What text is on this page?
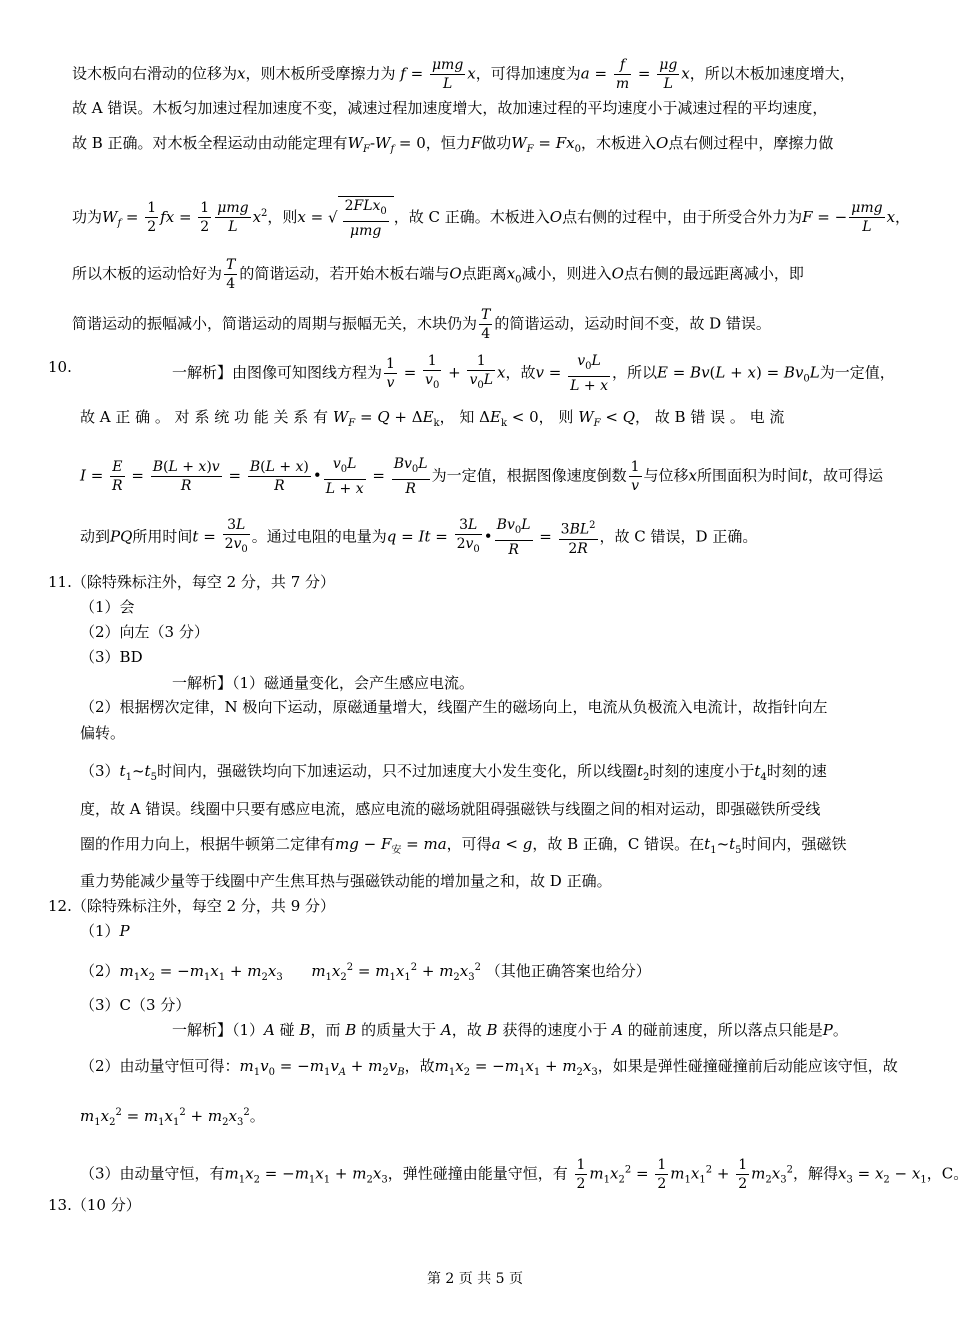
设木板向右滑动的位移为x，则木板所受摩擦力为 $f = \frac{\text{μmg}}{L}$ x，可得加速度为$a = \frac{f}{m} = \frac{\mu g}{L}$ x，所以木板加速度增大，
故 A 错误。木板匀加速过程加速度不变，减速过程加速度增大，故加速过程的平均速度小于减速过程的平均速度，
故 B 正确。对木板全程运动由动能定理有$W_F-W_f = 0$，恒力F做功$W_F = Fx_0$，木板进入O点右侧过程中，摩擦力做
功为$W_f = \frac{1}{2}$ fx = $\frac{1}{2} \frac{\text{μmg}}{L} x^2$，则x = √ $\frac{2FLx_0}{\text{μmg}}$ ，故 C 正确。木板进入O点右侧的过程中，由于所受合外力为F = − $\frac{\text{μmg}}{L}$ x，
所以木板的运动恰好为 $\frac{T}{4}$ 的简谐运动，若开始木板右端与O点距离$x_0$减小，则进入O点右侧的最远距离减小，即
简谐运动的振幅减小，简谐运动的周期与振幅无关，木块仍为 $\frac{T}{4}$ 的简谐运动，运动时间不变，故 D 错误。
10.	一解析】由图像可知图线方程为 $\frac{1}{v} = \frac{1}{v_0} + \frac{1}{v_0L}$ x，故$v = \frac{v_0L}{L + x}$ ，所以$E = Bv(L + x) = Bv_0L$为一定值，
故 A 正 确 。 对 系 统 功 能 关 系 有 $W_F = Q + \Delta E_k$， 知 $\Delta E_k < 0$， 则 $W_F < Q$， 故 B 错 误 。 电 流
$I = \frac{E}{R} = \frac{B(L + x)v}{R} = \frac{B(L + x)}{R}$ • $\frac{v_0L}{L + x} = \frac{Bv_0L}{R}$ 为一定值，根据图像速度倒数 $\frac{1}{v}$ 与位移x所围面积为时间t，故可得运
动到PQ所用时间$t = \frac{3L}{2v_0}$ 。通过电阻的电量为$q = It = \frac{3L}{2v_0}$ • $\frac{Bv_0L}{R} = \frac{3BL^2}{2R}$ ，故 C 错误，D 正确。
11.（除特殊标注外，每空 2 分，共 7 分）
（1）会
（2）向左（3 分）
（3）BD
一解析】（1）磁通量变化，会产生感应电流。
（2）根据楞次定律，N 极向下运动，原磁通量增大，线圈产生的磁场向上，电流从负极流入电流计，故指针向左
偏转。
$(3)t_1\sim t_5$时间内，强磁铁均向下加速运动，只不过加速度大小发生变化，所以线圈$t_2$时刻的速度小于$t_4$时刻的速
度，故 A 错误。线圈中只要有感应电流，感应电流的磁场就阻碍强磁铁与线圈之间的相对运动，即强磁铁所受线
圈的作用力向上，根据牛顿第二定律有mg − $F_安$ = ma，可得a < g，故 B 正确，C 错误。在$t_1\sim t_5$时间内，强磁铁
重力势能减少量等于线圈中产生焦耳热与强磁铁动能的增加量之和，故 D 正确。
12.（除特殊标注外，每空 2 分，共 9 分）
（1）P
$(2)m_1x_2 = -m_1x_1 + m_2x_3$ $m_1x_2^2 = m_1x_1^2 + m_2x_3^2$ （其他正确答案也给分）
（3）C（3 分）
一解析】（1）A 碰 B，而 B 的质量大于 A，故 B 获得的速度小于 A 的碰前速度，所以落点只能是P。
（2）由动量守恒可得：$m_1v_0 = -m_1v_A + m_2v_B$，故$m_1x_2 = -m_1x_1 + m_2x_3$，如果是弹性碰撞碰撞前后动能应该守恒，故
$m_1x_2^2 = m_1x_1^2 + m_2x_3^2$。
（3）由动量守恒，有$m_1x_2 = -m_1x_1 + m_2x_3$，弹性碰撞由能量守恒，有 $\frac{1}{2} m_1x_2^2 = \frac{1}{2} m_1x_1^2 + \frac{1}{2} m_2x_3^2$，解得$x_3 = x_2 - x_1$，C。
13.（10 分）
第 2 页 共 5 页
